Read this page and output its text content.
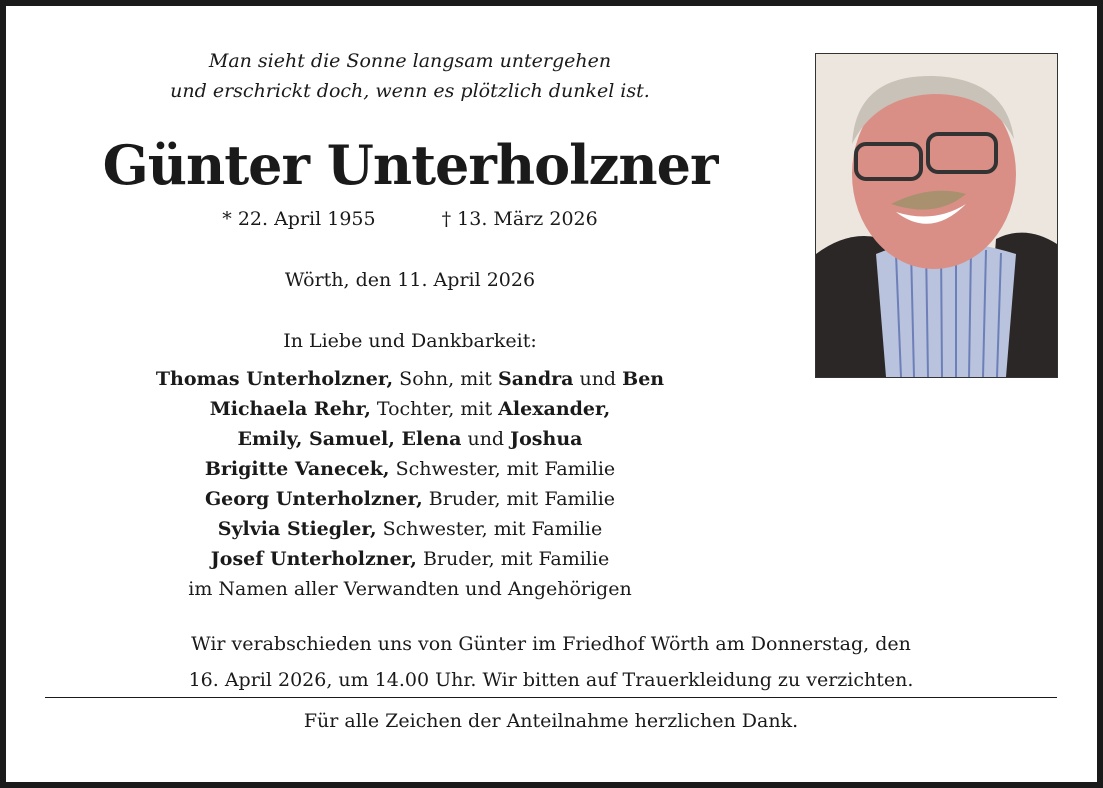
Man sieht die Sonne langsam untergehen
und erschrickt doch, wenn es plötzlich dunkel ist.
Günter Unterholzner
* 22. April 1955	† 13. März 2026
Wörth, den 11. April 2026
In Liebe und Dankbarkeit:
Thomas Unterholzner, Sohn, mit Sandra und Ben
Michaela Rehr, Tochter, mit Alexander,
Emily, Samuel, Elena und Joshua
Brigitte Vanecek, Schwester, mit Familie
Georg Unterholzner, Bruder, mit Familie
Sylvia Stiegler, Schwester, mit Familie
Josef Unterholzner, Bruder, mit Familie
im Namen aller Verwandten und Angehörigen
Wir verabschieden uns von Günter im Friedhof Wörth am Donnerstag, den
16. April 2026, um 14.00 Uhr. Wir bitten auf Trauerkleidung zu verzichten.
Für alle Zeichen der Anteilnahme herzlichen Dank.
